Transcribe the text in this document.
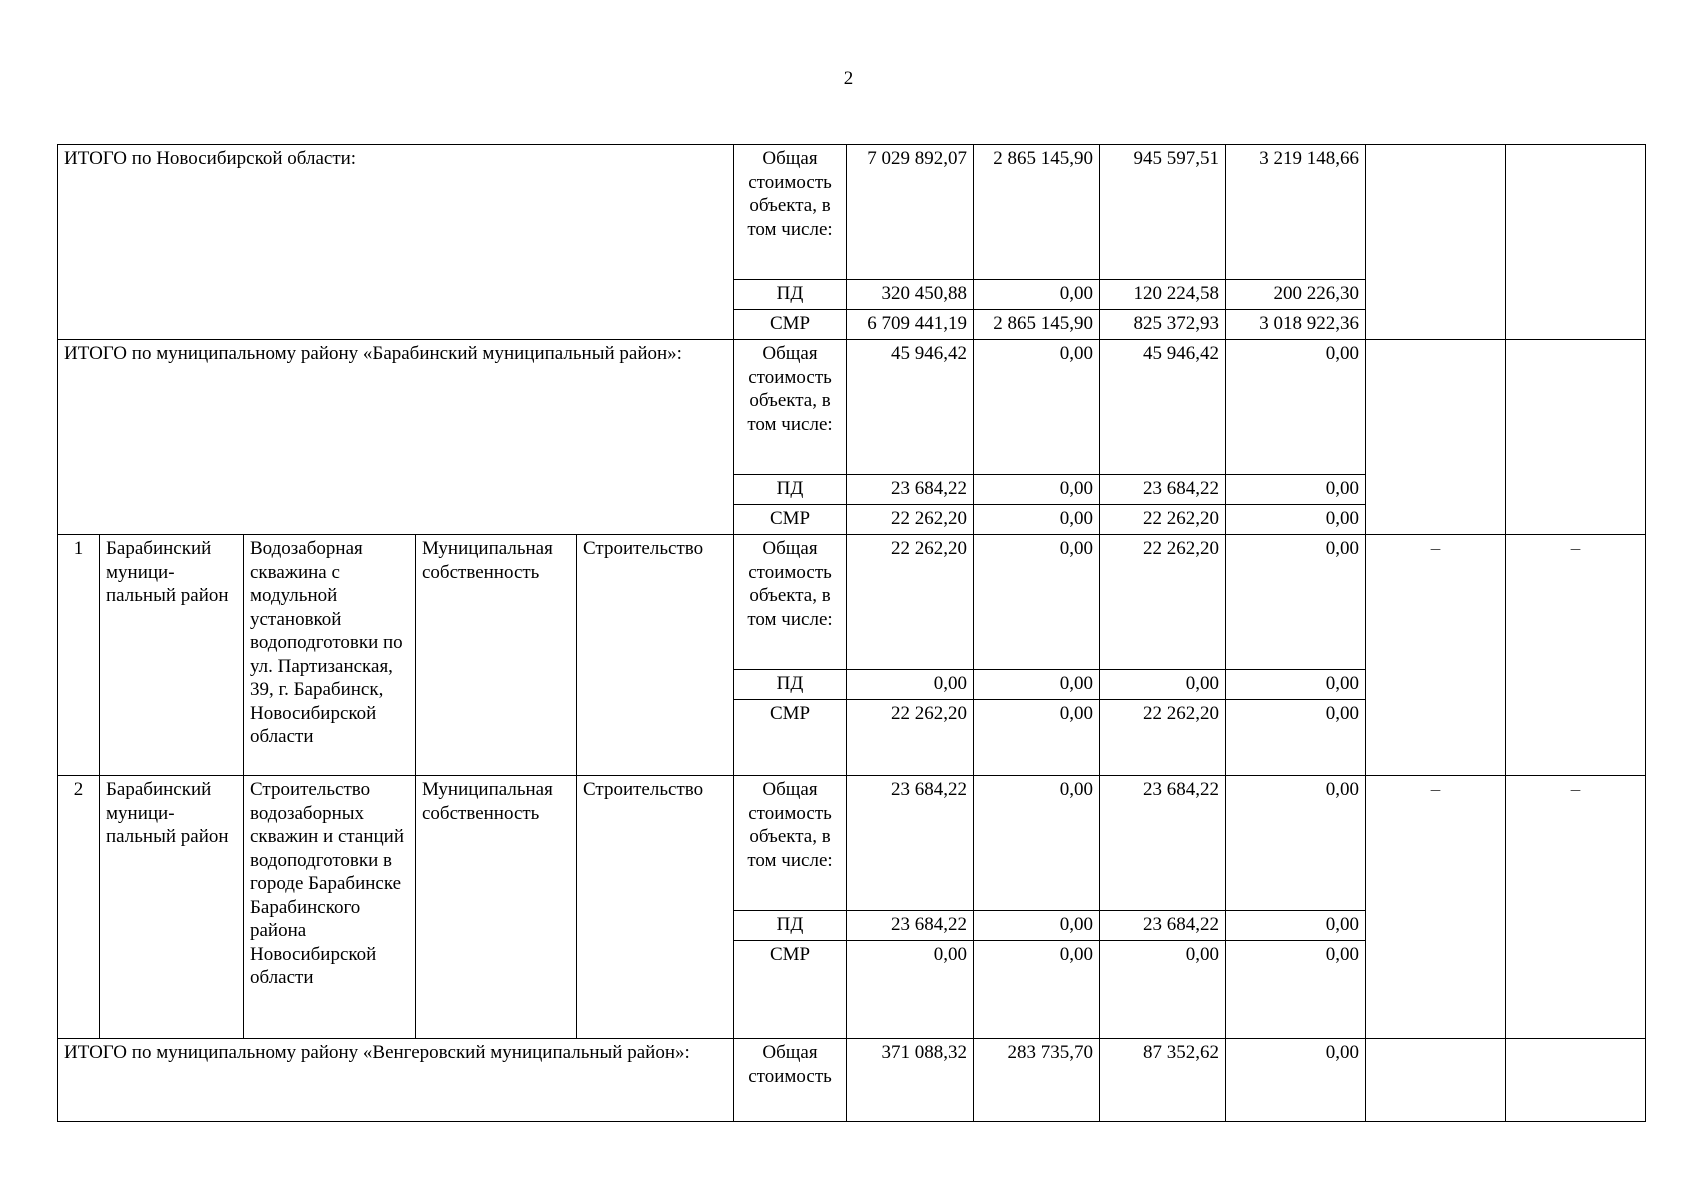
2
ИТОГО по Новосибирской области:					Общая стоимость объекта, в том числе:	7 029 892,07	2 865 145,90	945 597,51	3 219 148,66		
					ПД	320 450,88	0,00	120 224,58	200 226,30		
					СМР	6 709 441,19	2 865 145,90	825 372,93	3 018 922,36		
ИТОГО по муниципальному району «Барабинский муниципальный район»:					Общая стоимость объекта, в том числе:	45 946,42	0,00	45 946,42	0,00		
					ПД	23 684,22	0,00	23 684,22	0,00		
					СМР	22 262,20	0,00	22 262,20	0,00		
1	Барабинский муници-пальный район	Водозаборная скважина с модульной установкой водоподготовки по ул. Партизанская, 39, г. Барабинск, Новосибирской области	Муниципальная собственность	Строительство	Общая стоимость объекта, в том числе:	22 262,20	0,00	22 262,20	0,00	–	–
					ПД	0,00	0,00	0,00	0,00		
					СМР	22 262,20	0,00	22 262,20	0,00		
2	Барабинский муници-пальный район	Строительство водозаборных скважин и станций водоподготовки в городе Барабинске Барабинского района Новосибирской области	Муниципальная собственность	Строительство	Общая стоимость объекта, в том числе:	23 684,22	0,00	23 684,22	0,00	–	–
					ПД	23 684,22	0,00	23 684,22	0,00		
					СМР	0,00	0,00	0,00	0,00		
ИТОГО по муниципальному району «Венгеровский муниципальный район»:					Общая стоимость	371 088,32	283 735,70	87 352,62	0,00		
